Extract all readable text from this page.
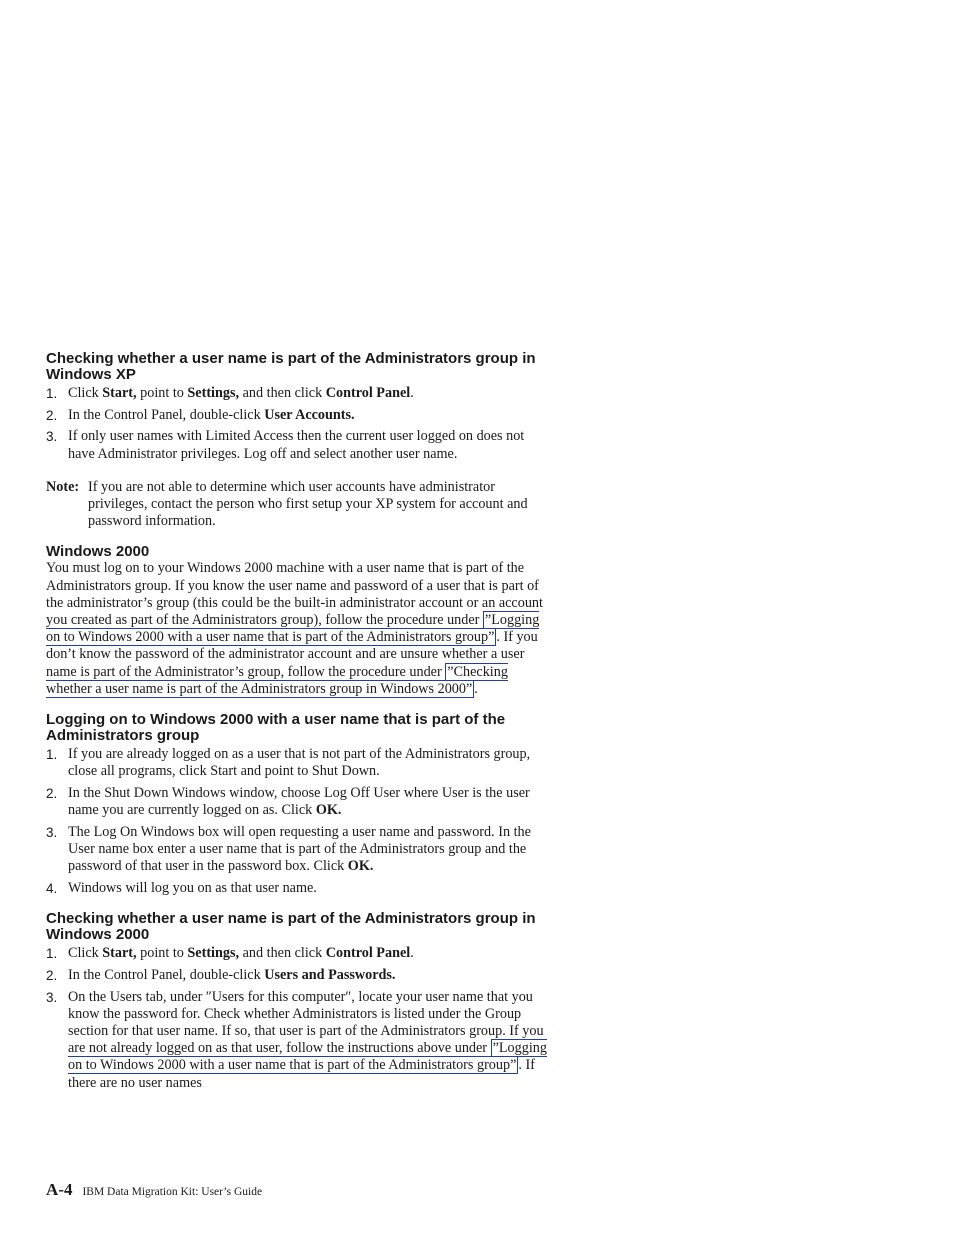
Checking whether a user name is part of the Administrators group in Windows XP
1. Click Start, point to Settings, and then click Control Panel.
2. In the Control Panel, double-click User Accounts.
3. If only user names with Limited Access then the current user logged on does not have Administrator privileges. Log off and select another user name.
Note: If you are not able to determine which user accounts have administrator privileges, contact the person who first setup your XP system for account and password information.
Windows 2000

You must log on to your Windows 2000 machine with a user name that is part of the Administrators group. If you know the user name and password of a user that is part of the administrator’s group (this could be the built-in administrator account or an account you created as part of the Administrators group), follow the procedure under ”Logging on to Windows 2000 with a user name that is part of the Administrators group” . If you don’t know the password of the administrator account and are unsure whether a user name is part of the Administrator’s group, follow the procedure under ”Checking whether a user name is part of the Administrators group in Windows 2000” .

Logging on to Windows 2000 with a user name that is part of the Administrators group
1. If you are already logged on as a user that is not part of the Administrators group, close all programs, click Start and point to Shut Down.
2. In the Shut Down Windows window, choose Log Off User where User is the user name you are currently logged on as. Click OK.
3. The Log On Windows box will open requesting a user name and password. In the User name box enter a user name that is part of the Administrators group and the password of that user in the password box. Click OK.
4. Windows will log you on as that user name.
Checking whether a user name is part of the Administrators group in Windows 2000
1. Click Start, point to Settings, and then click Control Panel.
2. In the Control Panel, double-click Users and Passwords.
3. On the Users tab, under ″Users for this computer″, locate your user name that you know the password for. Check whether Administrators is listed under the Group section for that user name. If so, that user is part of the Administrators group. If you are not already logged on as that user, follow the instructions above under ”Logging on to Windows 2000 with a user name that is part of the Administrators group” . If there are no user names
A-4 IBM Data Migration Kit: User’s Guide
